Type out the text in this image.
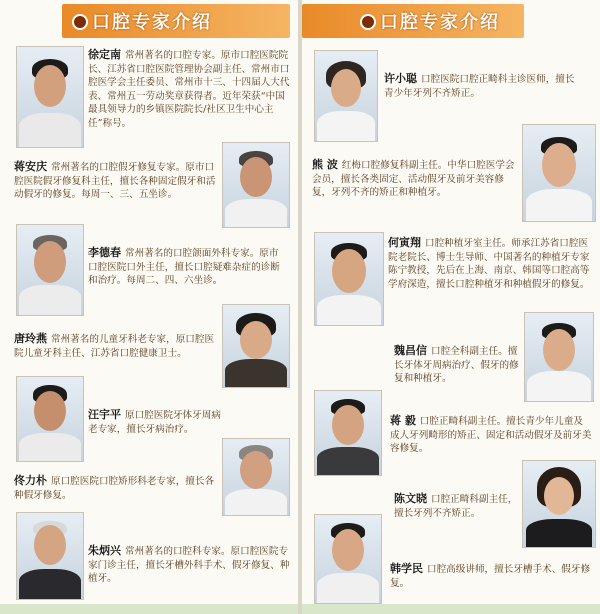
口腔专家介绍
徐定南 常州著名的口腔专家。原市口腔医院院长、江苏省口腔医院管理协会副主任、常州市口腔医学会主任委员、常州市十三、十四届人大代表、常州五一劳动奖章获得者。近年荣获“中国最具领导力的乡镇医院院长/社区卫生中心主任”称号。
蒋安庆 常州著名的口腔假牙修复专家。原市口腔医院假牙修复科主任，擅长各种固定假牙和活动假牙的修复。每周一、三、五坐诊。
李德春 常州著名的口腔颌面外科专家。原市口腔医院口外主任，擅长口腔疑难杂症的诊断和治疗。每周二、四、六坐诊。
唐玲燕 常州著名的儿童牙科老专家，原口腔医院儿童牙科主任、江苏省口腔健康卫士。
汪宇平 原口腔医院牙体牙周病老专家，擅长牙病治疗。
佟力朴 原口腔医院口腔矫形科老专家，擅长各种假牙修复。
朱炳兴 常州著名的口腔科专家。原口腔医院专家门诊主任，擅长牙槽外科手术、假牙修复、种植牙。
口腔专家介绍
许小聪 口腔医院口腔正畸科主诊医师，擅长青少年牙列不齐矫正。
熊 波 红梅口腔修复科副主任。中华口腔医学会会员，擅长各类固定、活动假牙及前牙美容修复，牙列不齐的矫正和种植牙。
何寅翔 口腔种植牙室主任。师承江苏省口腔医院老院长、博士生导师、中国著名的种植牙专家陈宁教授，先后在上海、南京、韩国等口腔高等学府深造，擅长口腔种植牙和种植假牙的修复。
魏昌信 口腔全科副主任。擅长牙体牙周病治疗、假牙的修复和种植牙。
蒋 毅 口腔正畸科副主任。擅长青少年儿童及成人牙列畸形的矫正、固定和活动假牙及前牙美容修复。
陈文晓 口腔正畸科副主任，擅长牙列不齐矫正。
韩学民 口腔高级讲师，擅长牙槽手术、假牙修复。
